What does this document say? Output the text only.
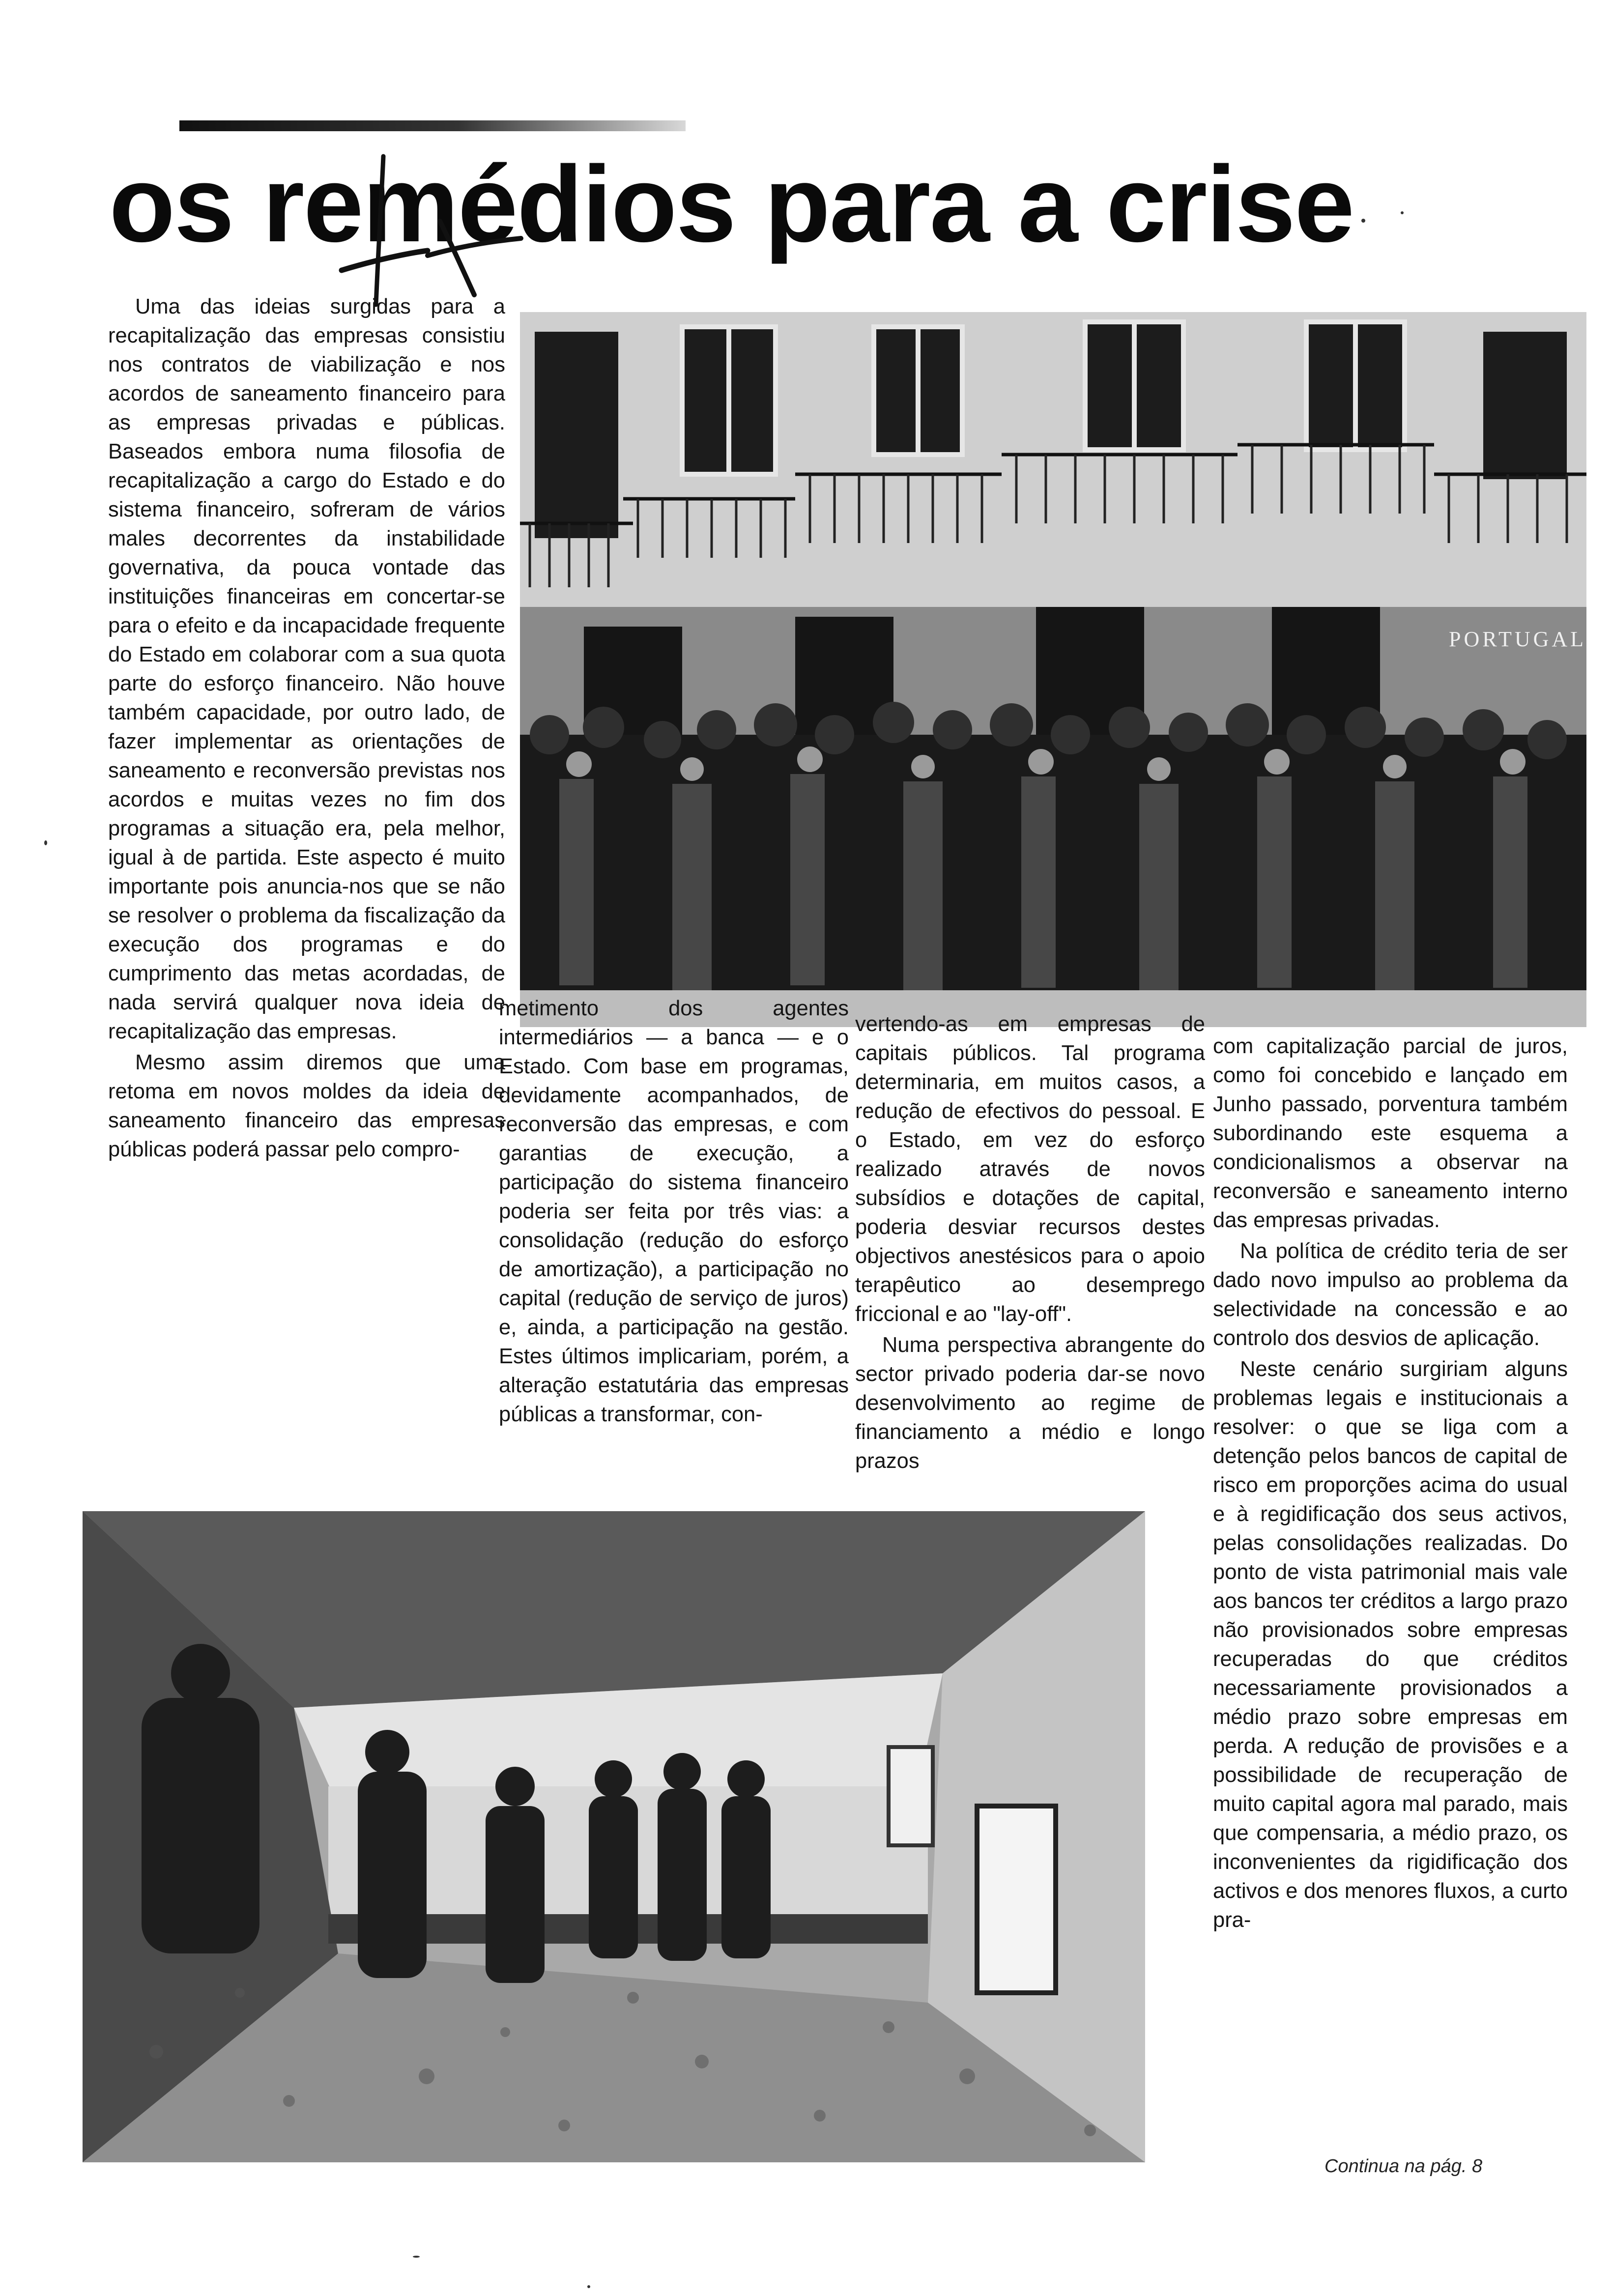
os remédios para a crise

Uma das ideias surgidas para a recapitalização das empresas consistiu nos contratos de viabilização e nos acordos de saneamento financeiro para as empresas privadas e públicas. Baseados embora numa filosofia de recapitalização a cargo do Estado e do sistema financeiro, sofreram de vários males decorrentes da instabilidade governativa, da pouca vontade das instituições financeiras em concertar-se para o efeito e da incapacidade frequente do Estado em colaborar com a sua quota parte do esforço financeiro. Não houve também capacidade, por outro lado, de fazer implementar as orientações de saneamento e reconversão previstas nos acordos e muitas vezes no fim dos programas a situação era, pela melhor, igual à de partida. Este aspecto é muito importante pois anuncia-nos que se não se resolver o problema da fiscalização da execução dos programas e do cumprimento das metas acordadas, de nada servirá qualquer nova ideia de recapitalização das empresas.

Mesmo assim diremos que uma retoma em novos moldes da ideia de saneamento financeiro das empresas públicas poderá passar pelo compro-

PORTUGAL

metimento dos agentes intermediários — a banca — e o Estado. Com base em programas, devidamente acompanhados, de reconversão das empresas, e com garantias de execução, a participação do sistema financeiro poderia ser feita por três vias: a consolidação (redução do esforço de amortização), a participação no capital (redução de serviço de juros) e, ainda, a participação na gestão. Estes últimos implicariam, porém, a alteração estatutária das empresas públicas a transformar, con-

vertendo-as em empresas de capitais públicos. Tal programa determinaria, em muitos casos, a redução de efectivos do pessoal. E o Estado, em vez do esforço realizado através de novos subsídios e dotações de capital, poderia desviar recursos destes objectivos anestésicos para o apoio terapêutico ao desemprego friccional e ao "lay-off".

Numa perspectiva abrangente do sector privado poderia dar-se novo desenvolvimento ao regime de financiamento a médio e longo prazos

com capitalização parcial de juros, como foi concebido e lançado em Junho passado, porventura também subordinando este esquema a condicionalismos a observar na reconversão e saneamento interno das empresas privadas.

Na política de crédito teria de ser dado novo impulso ao problema da selectividade na concessão e ao controlo dos desvios de aplicação.

Neste cenário surgiriam alguns problemas legais e institucionais a resolver: o que se liga com a detenção pelos bancos de capital de risco em proporções acima do usual e à regidificação dos seus activos, pelas consolidações realizadas. Do ponto de vista patrimonial mais vale aos bancos ter créditos a largo prazo não provisionados sobre empresas recuperadas do que créditos necessariamente provisionados a médio prazo sobre empresas em perda. A redução de provisões e a possibilidade de recuperação de muito capital agora mal parado, mais que compensaria, a médio prazo, os inconvenientes da rigidificação dos activos e dos menores fluxos, a curto pra-

Continua na pág. 8
